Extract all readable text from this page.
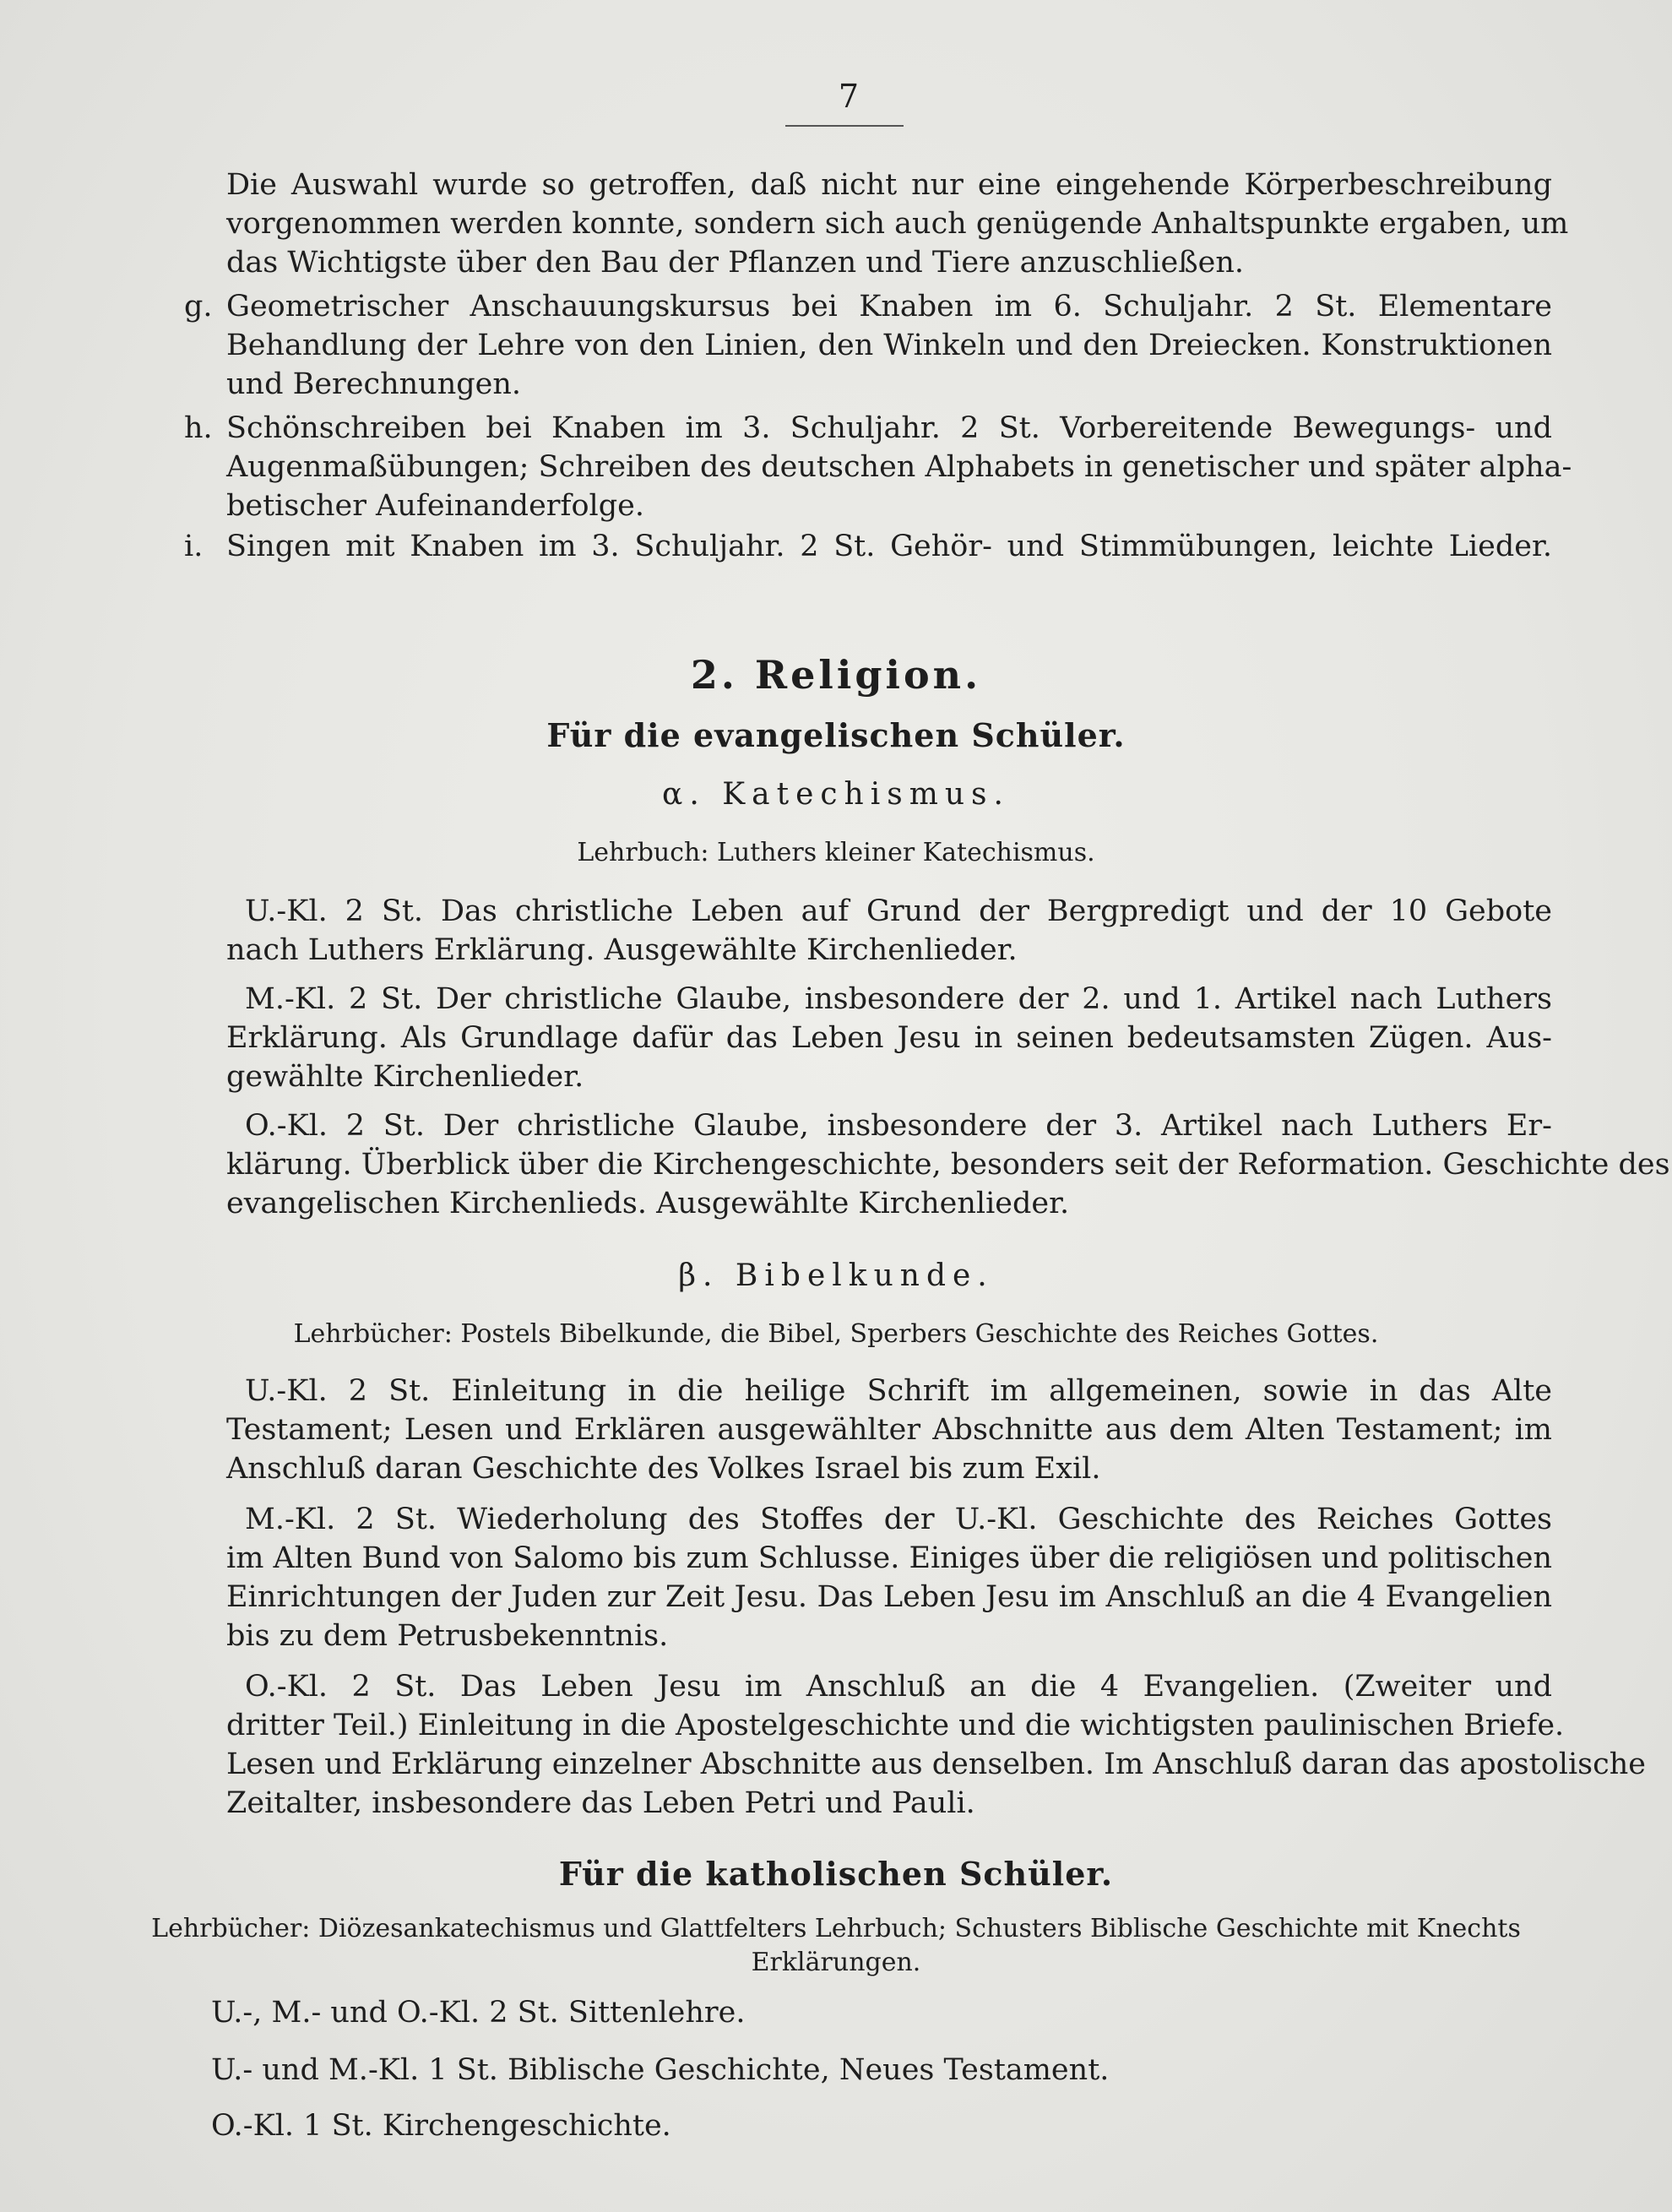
7
Die Auswahl wurde so getroffen, daß nicht nur eine eingehende Körperbeschreibung
vorgenommen werden konnte, sondern sich auch genügende Anhaltspunkte ergaben, um
das Wichtigste über den Bau der Pflanzen und Tiere anzuschließen.
g. Geometrischer Anschauungskursus bei Knaben im 6. Schuljahr. 2 St. Elementare
Behandlung der Lehre von den Linien, den Winkeln und den Dreiecken. Konstruktionen
und Berechnungen.
h. Schönschreiben bei Knaben im 3. Schuljahr. 2 St. Vorbereitende Bewegungs- und
Augenmaßübungen; Schreiben des deutschen Alphabets in genetischer und später alpha-
betischer Aufeinanderfolge.
i. Singen mit Knaben im 3. Schuljahr. 2 St. Gehör- und Stimmübungen, leichte Lieder.
2. Religion.
Für die evangelischen Schüler.
α. Katechismus.
Lehrbuch: Luthers kleiner Katechismus.
U.-Kl. 2 St. Das christliche Leben auf Grund der Bergpredigt und der 10 Gebote
nach Luthers Erklärung. Ausgewählte Kirchenlieder.
M.-Kl. 2 St. Der christliche Glaube, insbesondere der 2. und 1. Artikel nach Luthers
Erklärung. Als Grundlage dafür das Leben Jesu in seinen bedeutsamsten Zügen. Aus-
gewählte Kirchenlieder.
O.-Kl. 2 St. Der christliche Glaube, insbesondere der 3. Artikel nach Luthers Er-
klärung. Überblick über die Kirchengeschichte, besonders seit der Reformation. Geschichte des
evangelischen Kirchenlieds. Ausgewählte Kirchenlieder.
β. Bibelkunde.
Lehrbücher: Postels Bibelkunde, die Bibel, Sperbers Geschichte des Reiches Gottes.
U.-Kl. 2 St. Einleitung in die heilige Schrift im allgemeinen, sowie in das Alte
Testament; Lesen und Erklären ausgewählter Abschnitte aus dem Alten Testament; im
Anschluß daran Geschichte des Volkes Israel bis zum Exil.
M.-Kl. 2 St. Wiederholung des Stoffes der U.-Kl. Geschichte des Reiches Gottes
im Alten Bund von Salomo bis zum Schlusse. Einiges über die religiösen und politischen
Einrichtungen der Juden zur Zeit Jesu. Das Leben Jesu im Anschluß an die 4 Evangelien
bis zu dem Petrusbekenntnis.
O.-Kl. 2 St. Das Leben Jesu im Anschluß an die 4 Evangelien. (Zweiter und
dritter Teil.) Einleitung in die Apostelgeschichte und die wichtigsten paulinischen Briefe.
Lesen und Erklärung einzelner Abschnitte aus denselben. Im Anschluß daran das apostolische
Zeitalter, insbesondere das Leben Petri und Pauli.
Für die katholischen Schüler.
Lehrbücher: Diözesankatechismus und Glattfelters Lehrbuch; Schusters Biblische Geschichte mit Knechts
Erklärungen.
U.-, M.- und O.-Kl. 2 St. Sittenlehre.
U.- und M.-Kl. 1 St. Biblische Geschichte, Neues Testament.
O.-Kl. 1 St. Kirchengeschichte.
